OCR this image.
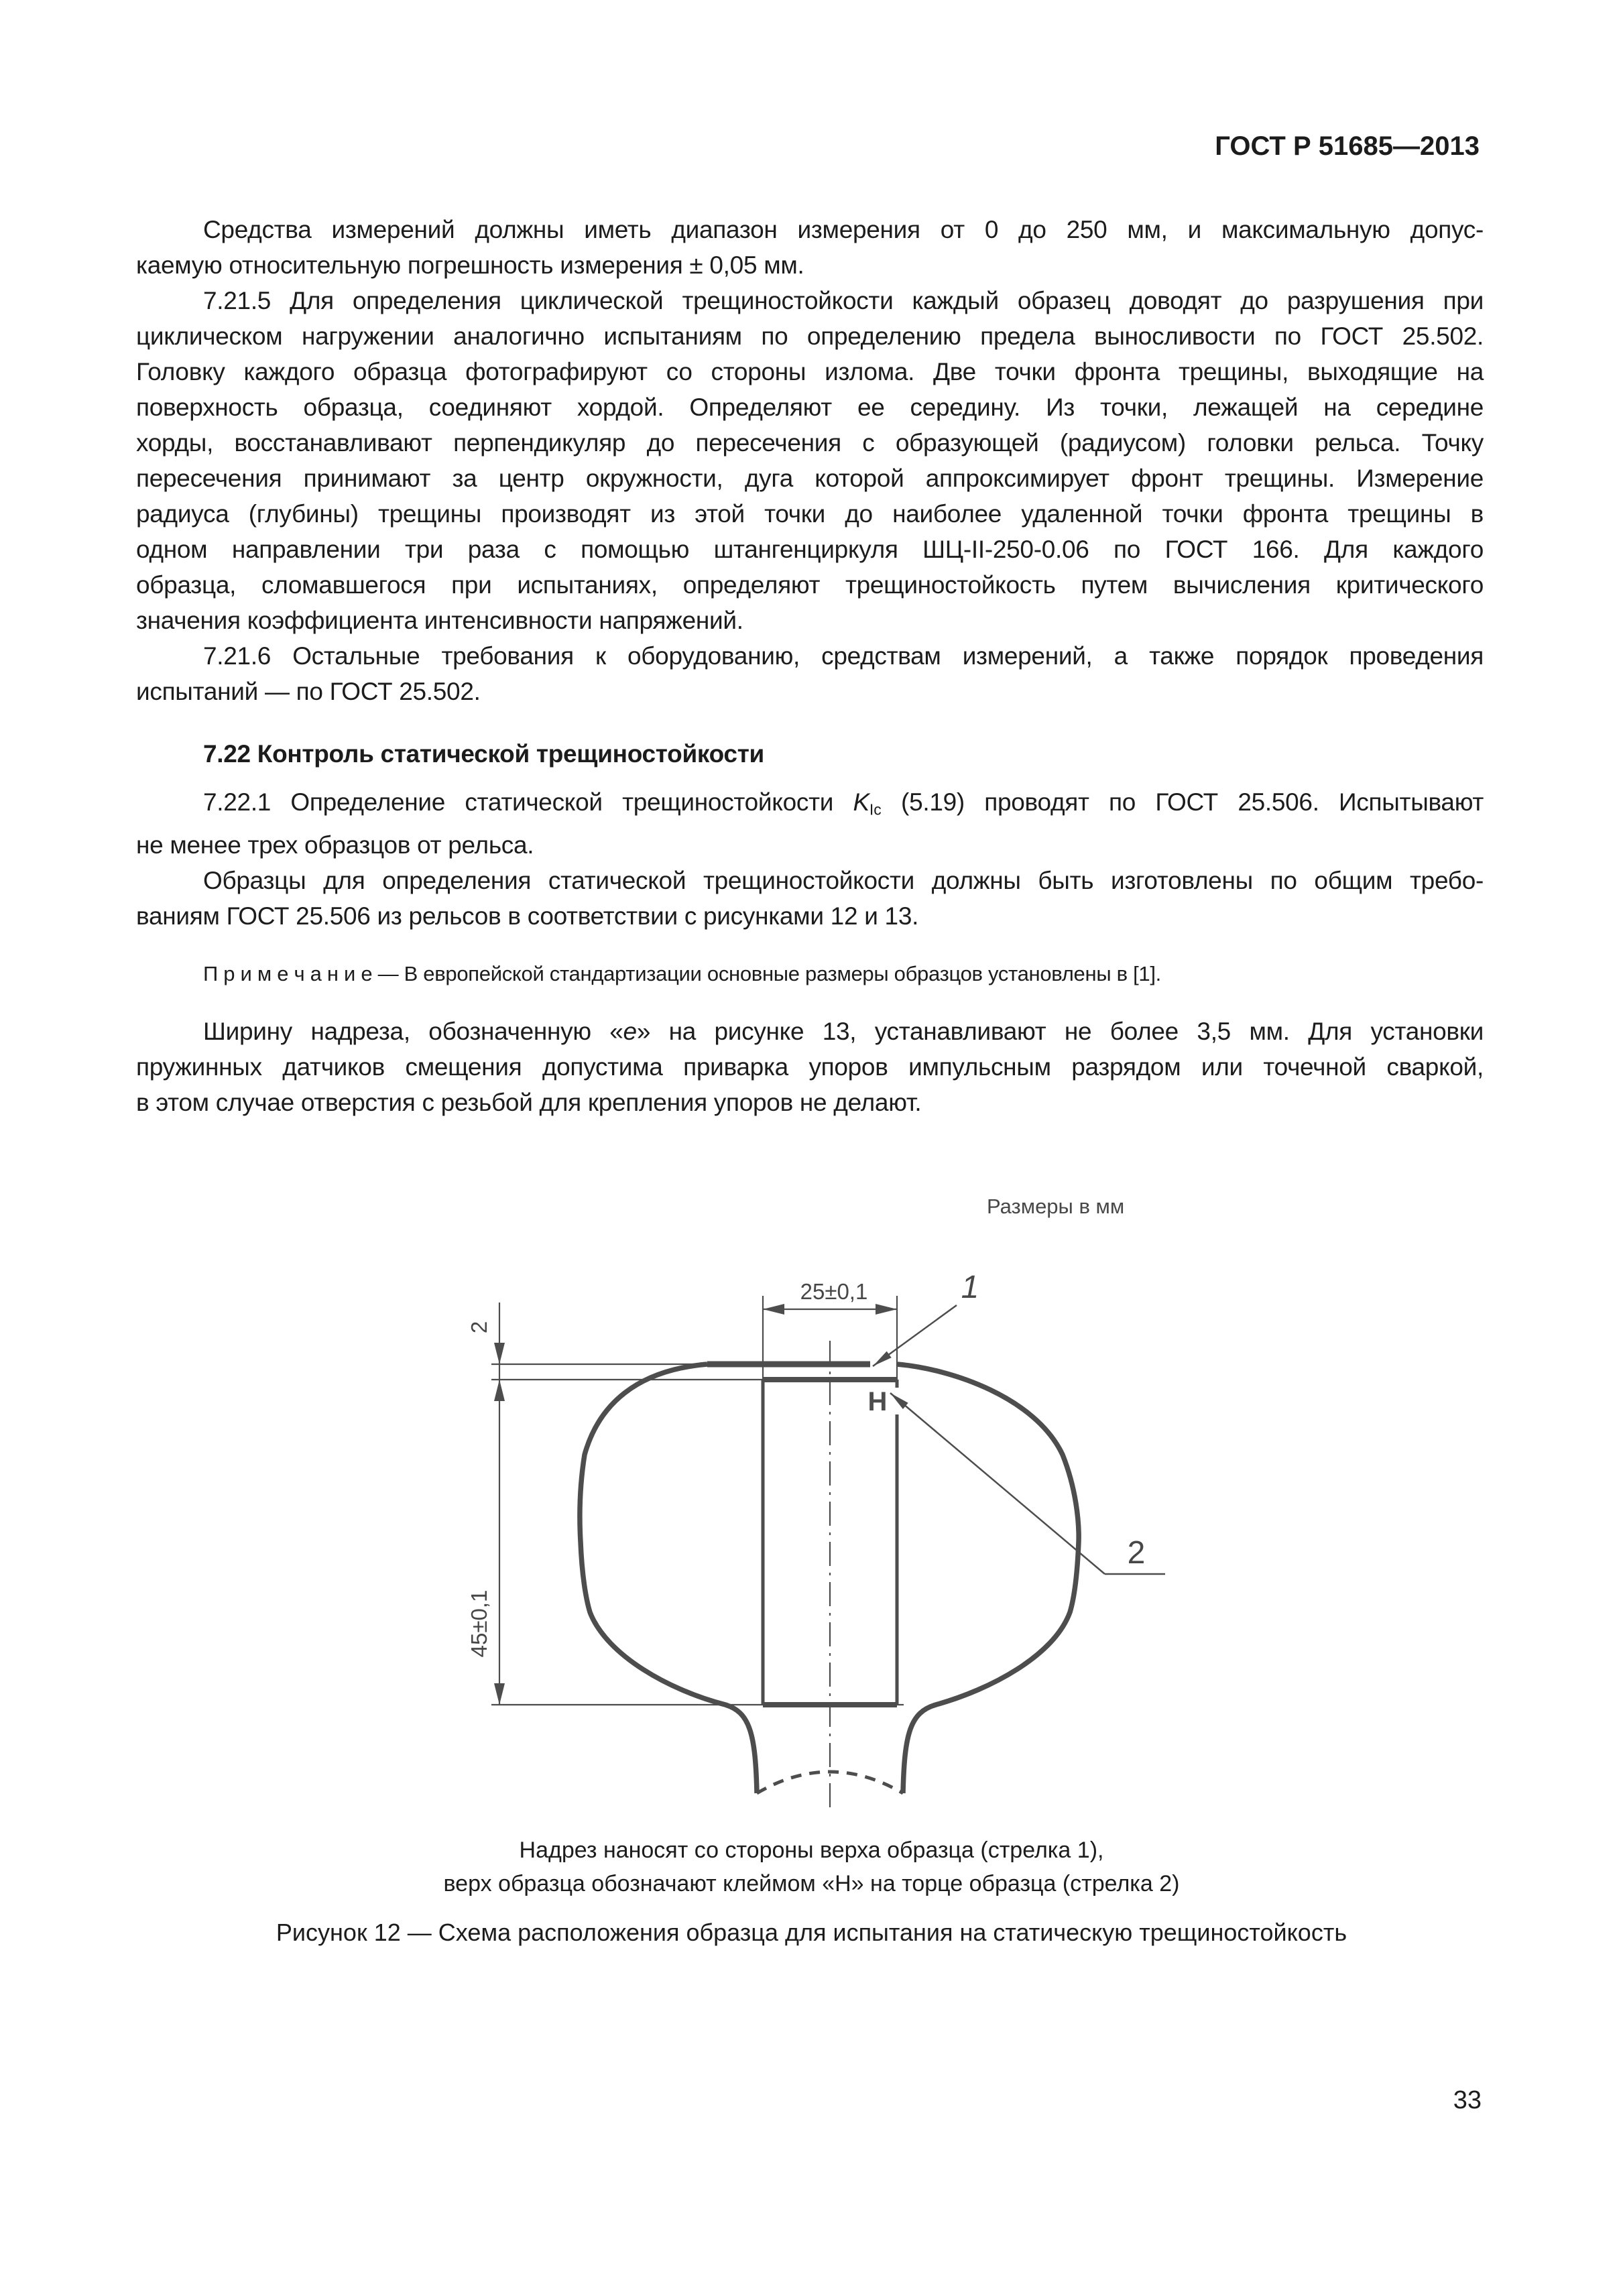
ГОСТ Р 51685—2013
Средства измерений должны иметь диапазон измерения от 0 до 250 мм, и максимальную допус-
каемую относительную погрешность измерения ± 0,05 мм.
7.21.5 Для определения циклической трещиностойкости каждый образец доводят до разрушения при
циклическом нагружении аналогично испытаниям по определению предела выносливости по ГОСТ 25.502.
Головку каждого образца фотографируют со стороны излома. Две точки фронта трещины, выходящие на
поверхность образца, соединяют хордой. Определяют ее середину. Из точки, лежащей на середине
хорды, восстанавливают перпендикуляр до пересечения с образующей (радиусом) головки рельса. Точку
пересечения принимают за центр окружности, дуга которой аппроксимирует фронт трещины. Измерение
радиуса (глубины) трещины производят из этой точки до наиболее удаленной точки фронта трещины в
одном направлении три раза с помощью штангенциркуля ШЦ-II-250-0.06 по ГОСТ 166. Для каждого
образца, сломавшегося при испытаниях, определяют трещиностойкость путем вычисления критического
значения коэффициента интенсивности напряжений.
7.21.6 Остальные требования к оборудованию, средствам измерений, а также порядок проведения
испытаний — по ГОСТ 25.502.
7.22 Контроль статической трещиностойкости
7.22.1 Определение статической трещиностойкости $K_{Ic}$ (5.19) проводят по ГОСТ 25.506. Испытывают
не менее трех образцов от рельса.
Образцы для определения статической трещиностойкости должны быть изготовлены по общим требо-
ваниям ГОСТ 25.506 из рельсов в соответствии с рисунками 12 и 13.
П р и м е ч а н и е — В европейской стандартизации основные размеры образцов установлены в [1].
Ширину надреза, обозначенную «е» на рисунке 13, устанавливают не более 3,5 мм. Для установки
пружинных датчиков смещения допустима приварка упоров импульсным разрядом или точечной сваркой,
в этом случае отверстия с резьбой для крепления упоров не делают.
Размеры в мм
25±0,1
2
45±0,1
Н
1
2
Надрез наносят со стороны верха образца (стрелка 1),
верх образца обозначают клеймом «Н» на торце образца (стрелка 2)
Рисунок 12 — Схема расположения образца для испытания на статическую трещиностойкость
33
